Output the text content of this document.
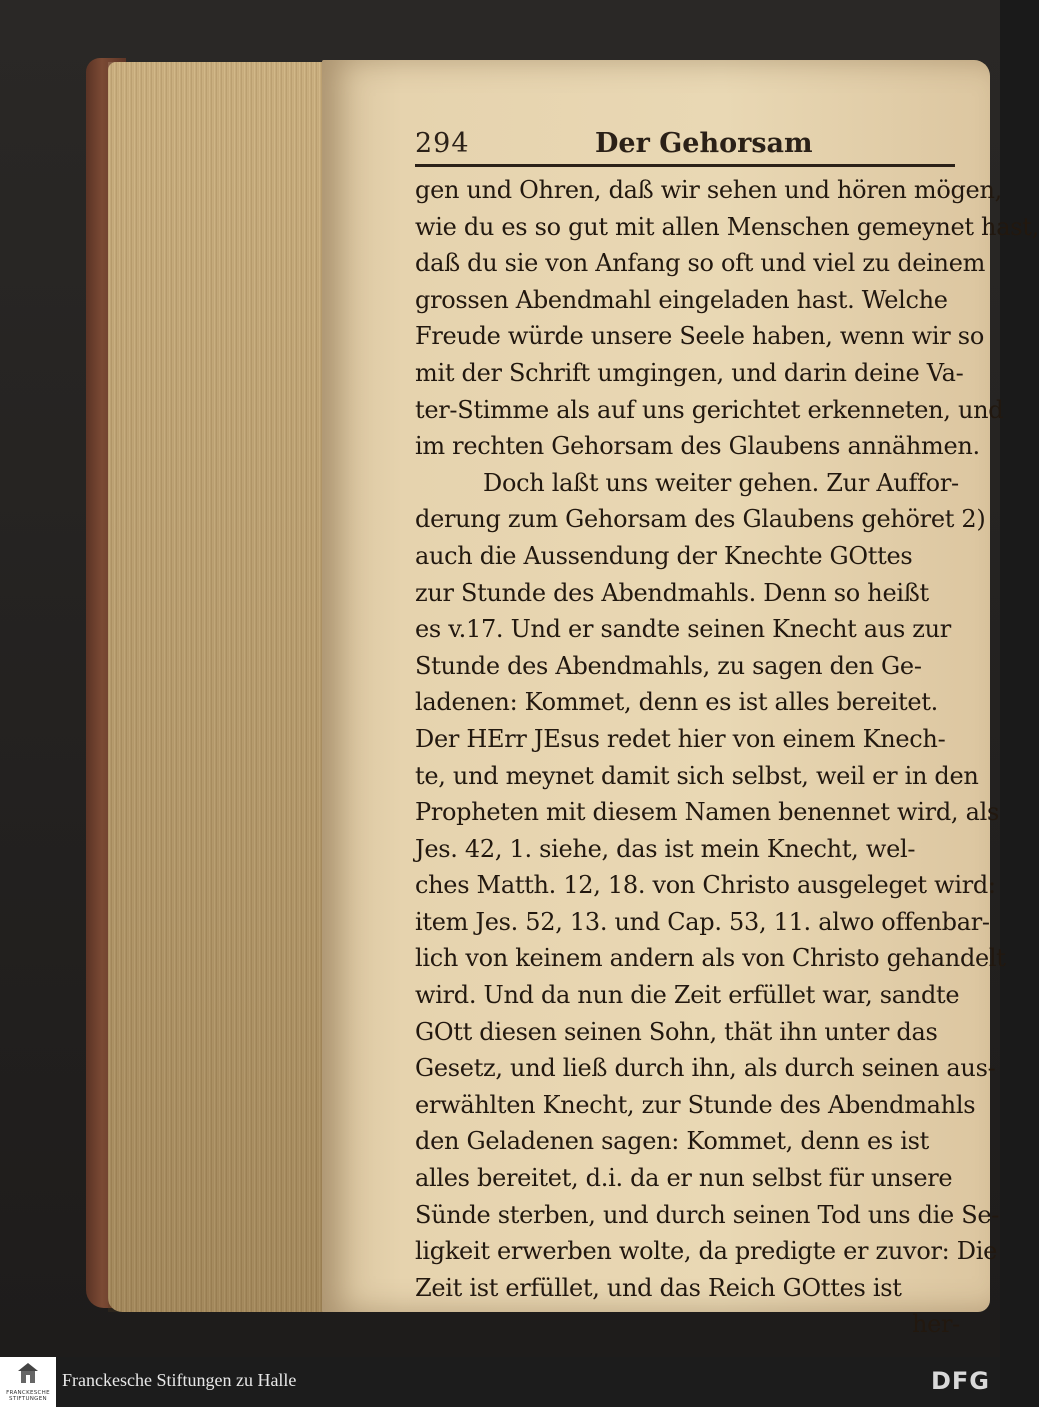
294	Der Gehorsam
gen und Ohren, daß wir sehen und hören mögen,
wie du es so gut mit allen Menschen gemeynet hast,
daß du sie von Anfang so oft und viel zu deinem
grossen Abendmahl eingeladen hast. Welche
Freude würde unsere Seele haben, wenn wir so
mit der Schrift umgingen, und darin deine Va-
ter-Stimme als auf uns gerichtet erkenneten, und
im rechten Gehorsam des Glaubens annähmen.
Doch laßt uns weiter gehen. Zur Auffor-
derung zum Gehorsam des Glaubens gehöret 2)
auch die Aussendung der Knechte GOttes
zur Stunde des Abendmahls. Denn so heißt
es v.17. Und er sandte seinen Knecht aus zur
Stunde des Abendmahls, zu sagen den Ge-
ladenen: Kommet, denn es ist alles bereitet.
Der HErr JEsus redet hier von einem Knech-
te, und meynet damit sich selbst, weil er in den
Propheten mit diesem Namen benennet wird, als
Jes. 42, 1. siehe, das ist mein Knecht, wel-
ches Matth. 12, 18. von Christo ausgeleget wird:
item Jes. 52, 13. und Cap. 53, 11. alwo offenbar-
lich von keinem andern als von Christo gehandelt
wird. Und da nun die Zeit erfüllet war, sandte
GOtt diesen seinen Sohn, thät ihn unter das
Gesetz, und ließ durch ihn, als durch seinen aus-
erwählten Knecht, zur Stunde des Abendmahls
den Geladenen sagen: Kommet, denn es ist
alles bereitet, d.i. da er nun selbst für unsere
Sünde sterben, und durch seinen Tod uns die Se-
ligkeit erwerben wolte, da predigte er zuvor: Die
Zeit ist erfüllet, und das Reich GOttes ist
her-
FRANCKESCHE STIFTUNGEN
Franckesche Stiftungen zu Halle	DFG
